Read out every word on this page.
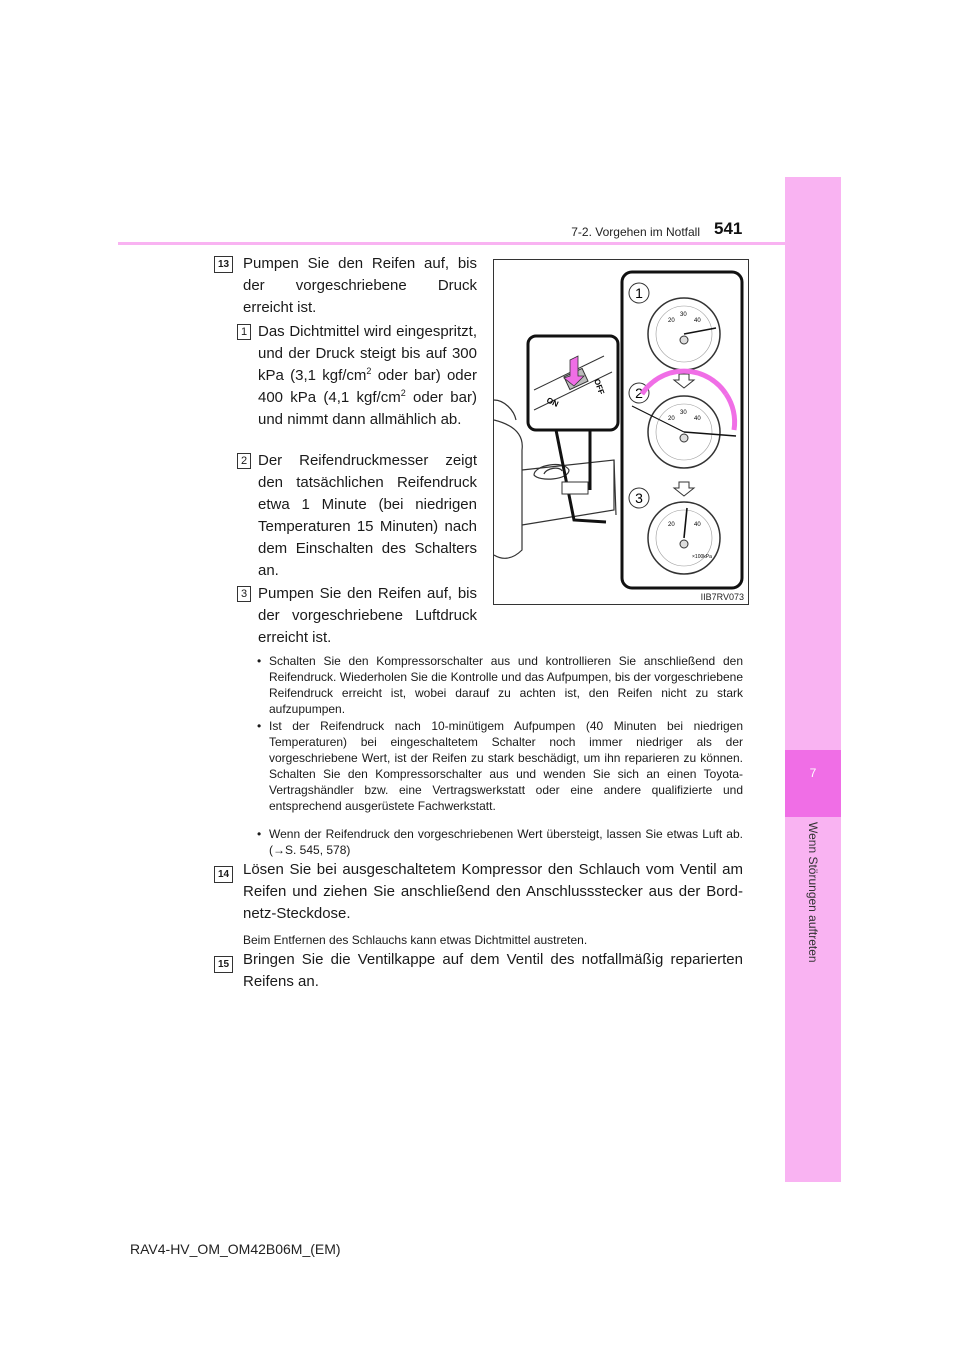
7
Wenn Störungen auftreten
7-2. Vorgehen im Notfall 541
13 Pumpen Sie den Reifen auf, bis der vorgeschriebene Druck erreicht ist.
1 Das Dichtmittel wird eingespritzt, und der Druck steigt bis auf 300 kPa (3,1 kgf/$cm^2$ oder bar) oder 400 kPa (4,1 kgf/$cm^2$ oder bar) und nimmt dann allmählich ab.
2 Der Reifendruckmesser zeigt den tatsächlichen Reifendruck etwa 1 Minute (bei niedrigen Temperaturen 15 Minuten) nach dem Einschalten des Schalters an.
3 Pumpen Sie den Reifen auf, bis der vorgeschriebene Luftdruck erreicht ist.
• Schalten Sie den Kompressorschalter aus und kontrollieren Sie anschließend den Reifendruck. Wiederholen Sie die Kontrolle und das Aufpumpen, bis der vorgeschriebene Reifendruck erreicht ist, wobei darauf zu achten ist, den Reifen nicht zu stark aufzupumpen.
• Ist der Reifendruck nach 10-minütigem Aufpumpen (40 Minuten bei niedrigen Temperaturen) bei eingeschaltetem Schalter noch immer niedriger als der vorgeschriebene Wert, ist der Reifen zu stark beschädigt, um ihn reparieren zu können. Schalten Sie den Kompressorschalter aus und wenden Sie sich an einen Toyota-Vertragshändler bzw. eine Vertragswerkstatt oder eine andere qualifizierte und entsprechend ausgerüstete Fachwerkstatt.
• Wenn der Reifendruck den vorgeschriebenen Wert übersteigt, lassen Sie etwas Luft ab. (→S. 545, 578)
14 Lösen Sie bei ausgeschaltetem Kompressor den Schlauch vom Ventil am Reifen und ziehen Sie anschließend den Anschlussstecker aus der Bordnetz-Steckdose.
Beim Entfernen des Schlauchs kann etwas Dichtmittel austreten.
15 Bringen Sie die Ventilkappe auf dem Ventil des notfallmäßig reparierten Reifens an.
ON
OFF
1
2
3
30
40
20
30
40
20
20	40
×100kPa
IIB7RV073
RAV4-HV_OM_OM42B06M_(EM)
